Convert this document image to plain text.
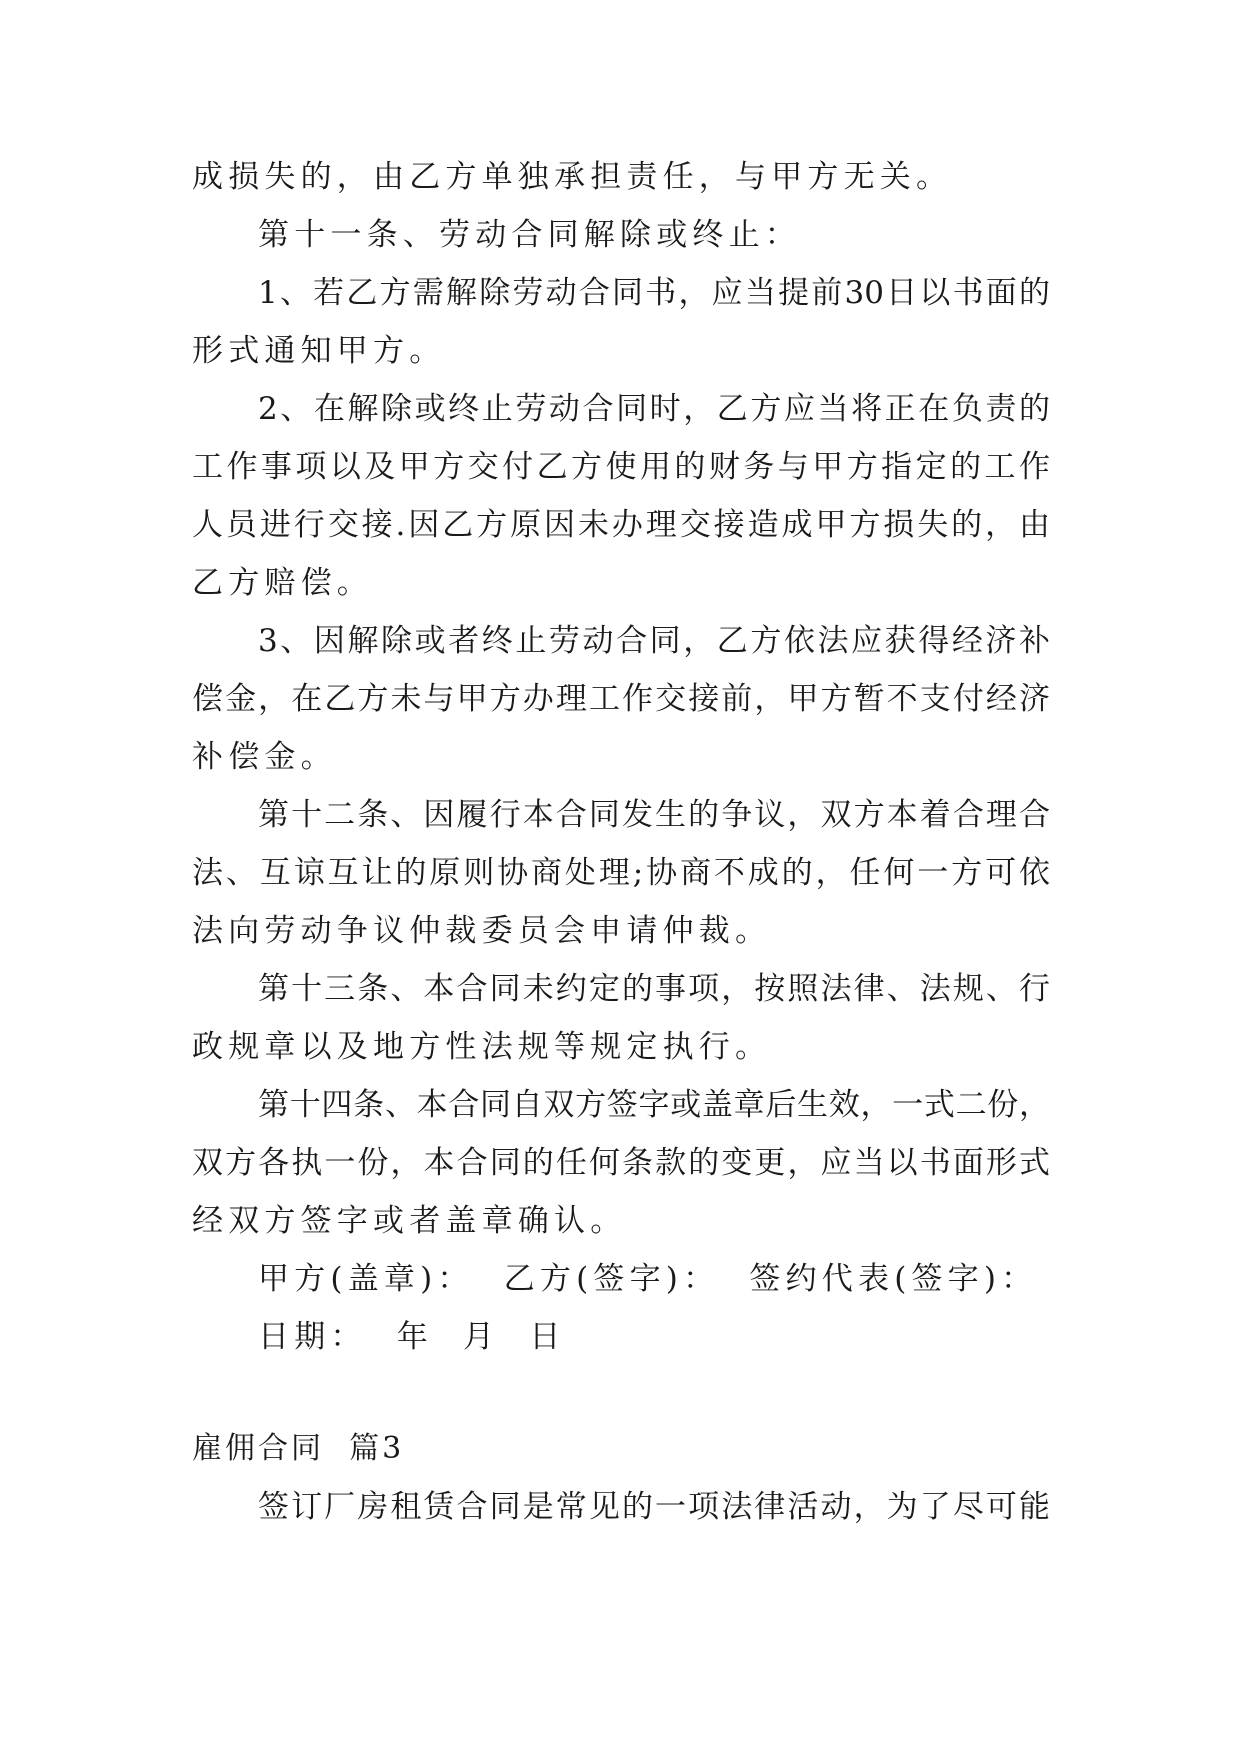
成损失的，由乙方单独承担责任，与甲方无关。

第十一条、劳动合同解除或终止：

1、若乙方需解除劳动合同书，应当提前30日以书面的

形式通知甲方。

2、在解除或终止劳动合同时，乙方应当将正在负责的

工作事项以及甲方交付乙方使用的财务与甲方指定的工作

人员进行交接.因乙方原因未办理交接造成甲方损失的，由

乙方赔偿。

3、因解除或者终止劳动合同，乙方依法应获得经济补

偿金，在乙方未与甲方办理工作交接前，甲方暂不支付经济

补偿金。

第十二条、因履行本合同发生的争议，双方本着合理合

法、互谅互让的原则协商处理;协商不成的，任何一方可依

法向劳动争议仲裁委员会申请仲裁。

第十三条、本合同未约定的事项，按照法律、法规、行

政规章以及地方性法规等规定执行。

第十四条、本合同自双方签字或盖章后生效，一式二份，

双方各执一份，本合同的任何条款的变更，应当以书面形式

经双方签字或者盖章确认。

甲方(盖章)：  乙方(签字)：  签约代表(签字)：

日期：  年  月  日

雇佣合同  篇3

签订厂房租赁合同是常见的一项法律活动，为了尽可能
